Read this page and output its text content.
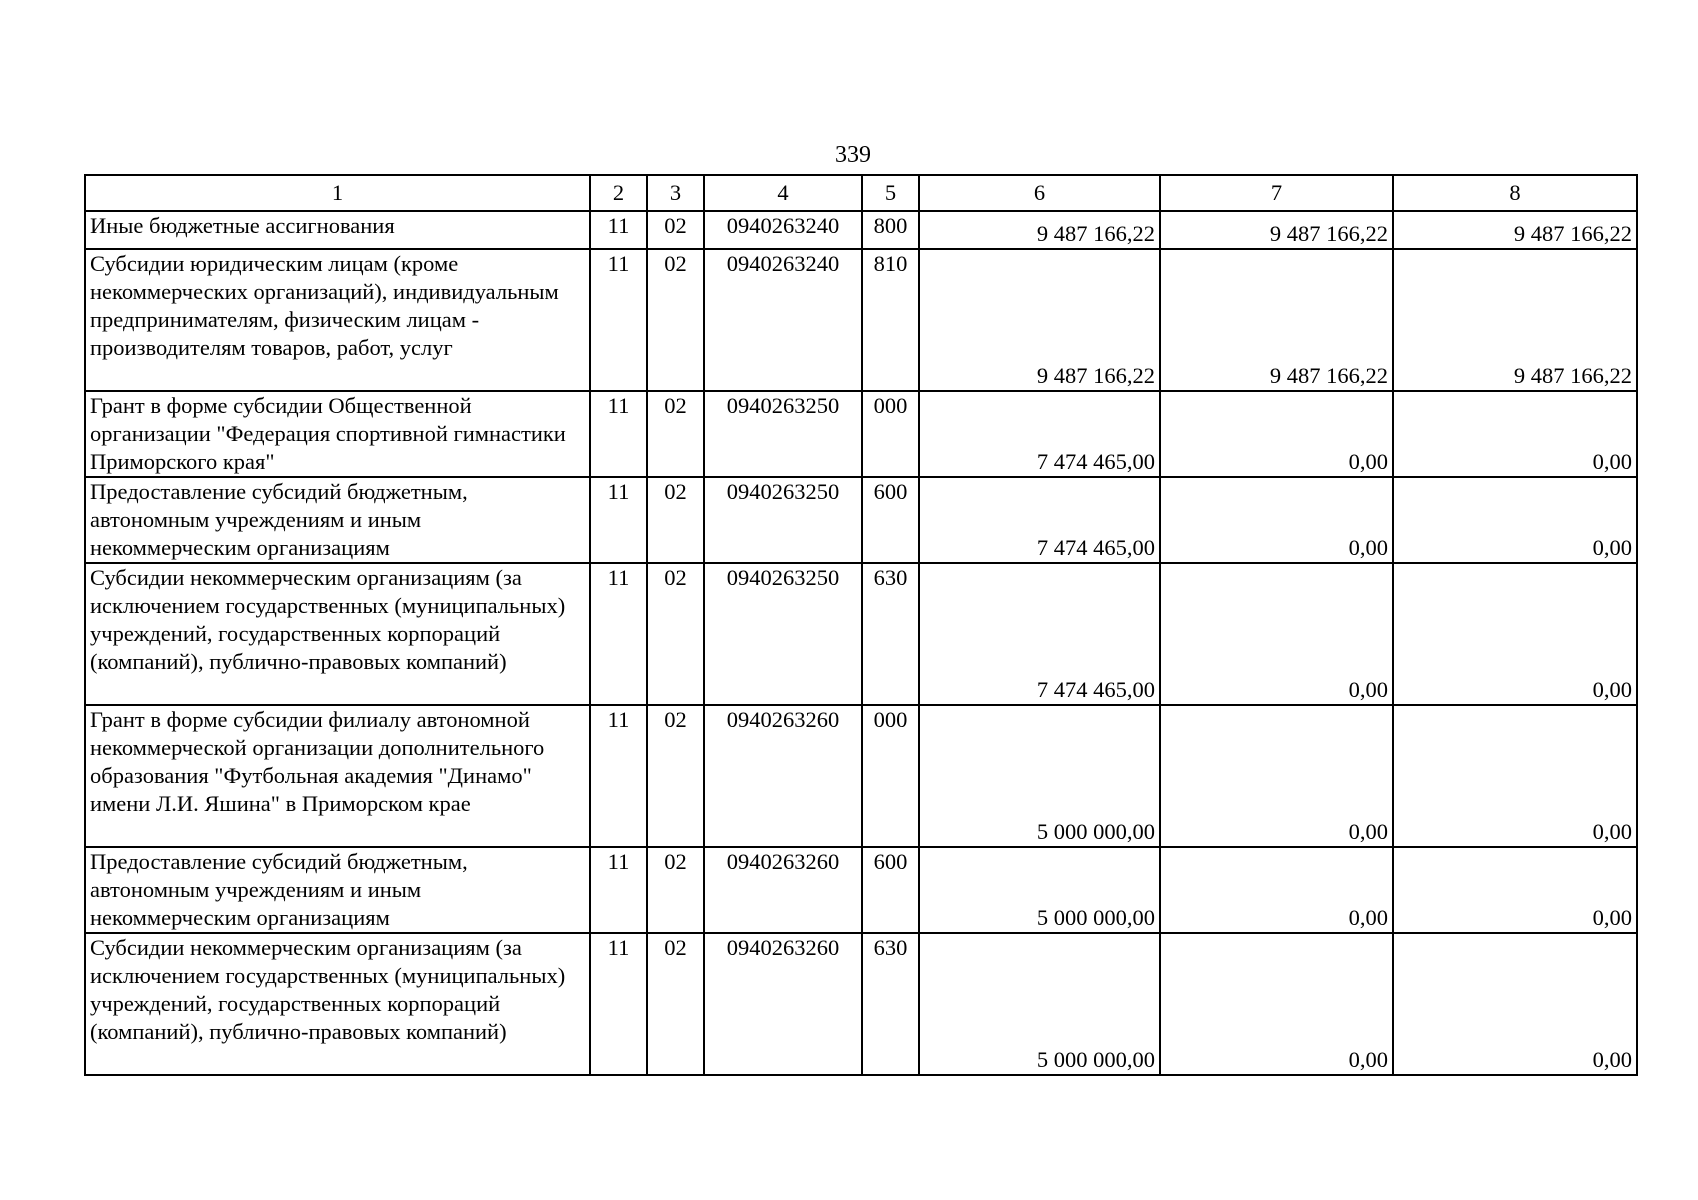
339
1	2	3	4	5	6	7	8
Иные бюджетные ассигнования	11	02	0940263240	800	9 487 166,22	9 487 166,22	9 487 166,22
Субсидии юридическим лицам (кроме некоммерческих организаций), индивидуальным предпринимателям, физическим лицам - производителям товаров, работ, услуг	11	02	0940263240	810	9 487 166,22	9 487 166,22	9 487 166,22
Грант в форме субсидии Общественной организации "Федерация спортивной гимнастики Приморского края"	11	02	0940263250	000	7 474 465,00	0,00	0,00
Предоставление субсидий бюджетным, автономным учреждениям и иным некоммерческим организациям	11	02	0940263250	600	7 474 465,00	0,00	0,00
Субсидии некоммерческим организациям (за исключением государственных (муниципальных) учреждений, государственных корпораций (компаний), публично-правовых компаний)	11	02	0940263250	630	7 474 465,00	0,00	0,00
Грант в форме субсидии филиалу автономной некоммерческой организации дополнительного образования "Футбольная академия "Динамо" имени Л.И. Яшина" в Приморском крае	11	02	0940263260	000	5 000 000,00	0,00	0,00
Предоставление субсидий бюджетным, автономным учреждениям и иным некоммерческим организациям	11	02	0940263260	600	5 000 000,00	0,00	0,00
Субсидии некоммерческим организациям (за исключением государственных (муниципальных) учреждений, государственных корпораций (компаний), публично-правовых компаний)	11	02	0940263260	630	5 000 000,00	0,00	0,00
